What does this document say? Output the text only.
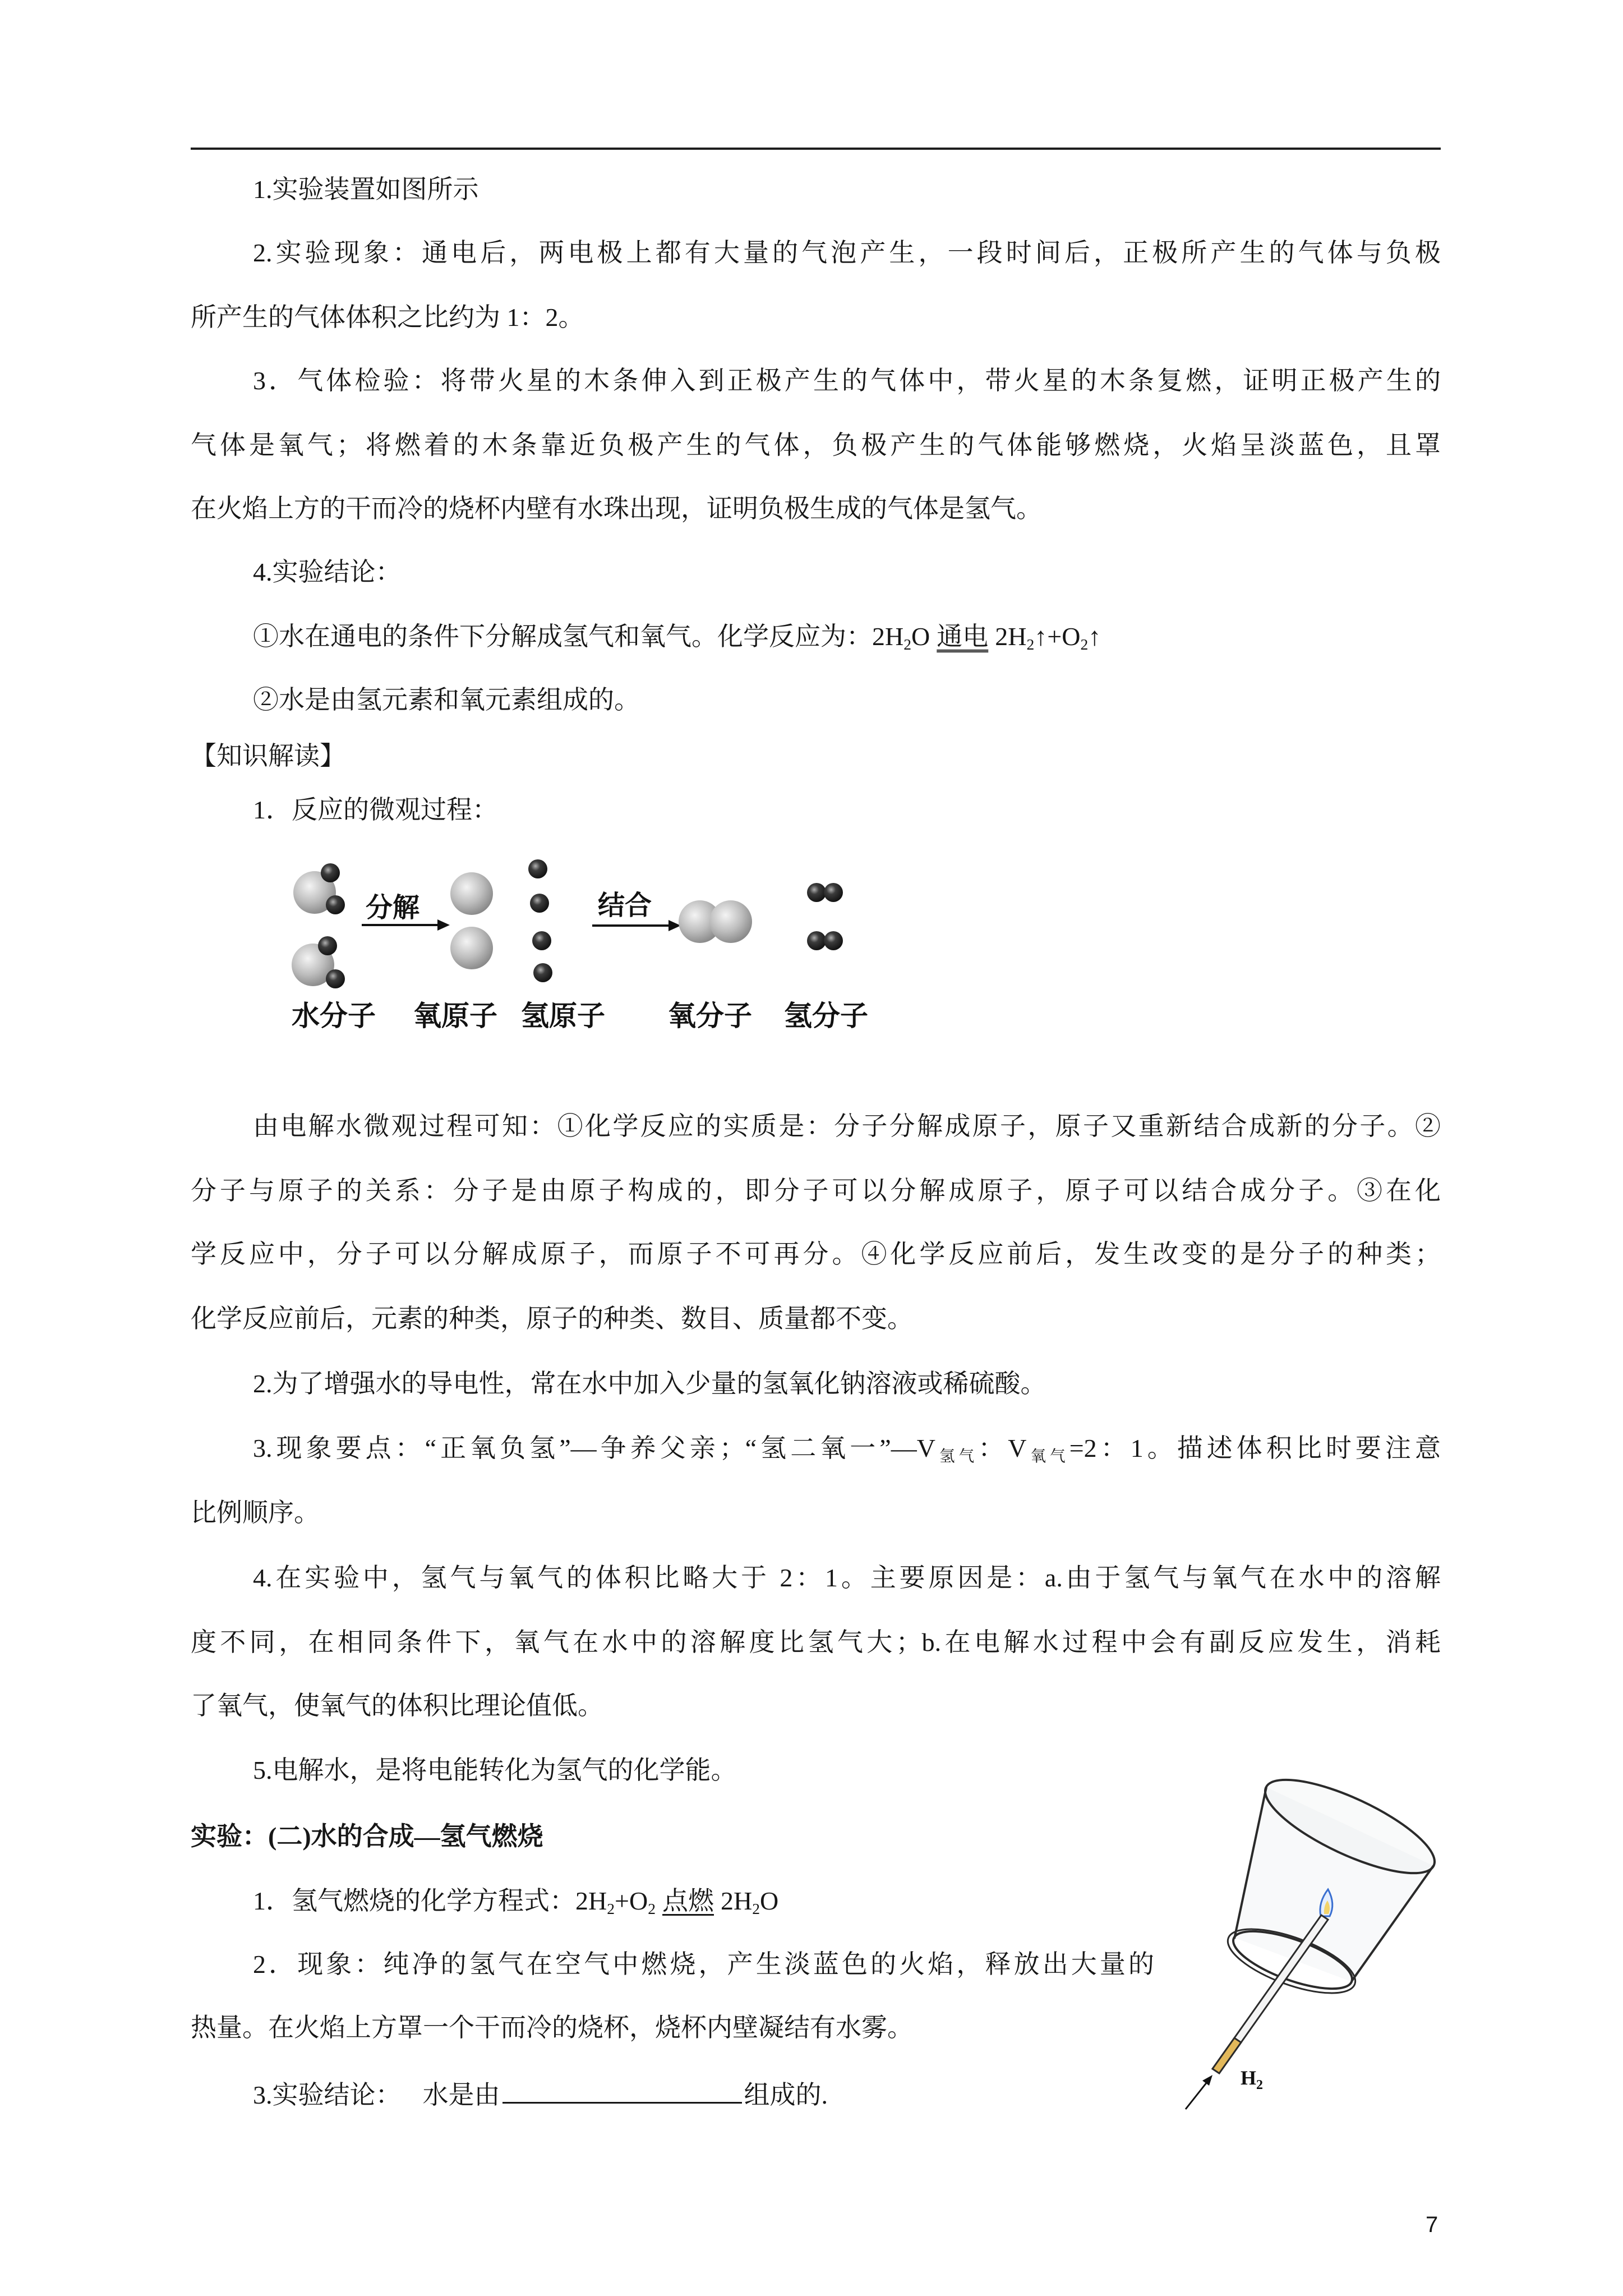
1.实验装置如图所示
2.实验现象：通电后，两电极上都有大量的气泡产生，一段时间后，正极所产生的气体与负极
所产生的气体体积之比约为 1：2。
3．气体检验：将带火星的木条伸入到正极产生的气体中，带火星的木条复燃，证明正极产生的
气体是氧气；将燃着的木条靠近负极产生的气体，负极产生的气体能够燃烧，火焰呈淡蓝色，且罩
在火焰上方的干而冷的烧杯内壁有水珠出现，证明负极生成的气体是氢气。
4.实验结论：
①水在通电的条件下分解成氢气和氧气。化学反应为：2H2O 通电 2H2↑+O2↑
②水是由氢元素和氧元素组成的。
【知识解读】
1．反应的微观过程：
分解	结合
水分子 氧原子 氢原子 氧分子 氢分子
由电解水微观过程可知：①化学反应的实质是：分子分解成原子，原子又重新结合成新的分子。②
分子与原子的关系：分子是由原子构成的，即分子可以分解成原子，原子可以结合成分子。③在化
学反应中，分子可以分解成原子，而原子不可再分。④化学反应前后，发生改变的是分子的种类；
化学反应前后，元素的种类，原子的种类、数目、质量都不变。
2.为了增强水的导电性，常在水中加入少量的氢氧化钠溶液或稀硫酸。
3.现象要点：“正氧负氢”—争养父亲；“氢二氧一”—V氢气：V氧气=2：1。描述体积比时要注意
比例顺序。
4.在实验中，氢气与氧气的体积比略大于 2：1。主要原因是：a.由于氢气与氧气在水中的溶解
度不同，在相同条件下，氧气在水中的溶解度比氢气大；b.在电解水过程中会有副反应发生，消耗
了氧气，使氧气的体积比理论值低。
5.电解水，是将电能转化为氢气的化学能。
实验：(二)水的合成—氢气燃烧
1．氢气燃烧的化学方程式：2H2+O2 点燃 2H2O
2．现象：纯净的氢气在空气中燃烧，产生淡蓝色的火焰，释放出大量的
热量。在火焰上方罩一个干而冷的烧杯，烧杯内壁凝结有水雾。
3.实验结论： 水是由	组成的.
$H_2$
7
